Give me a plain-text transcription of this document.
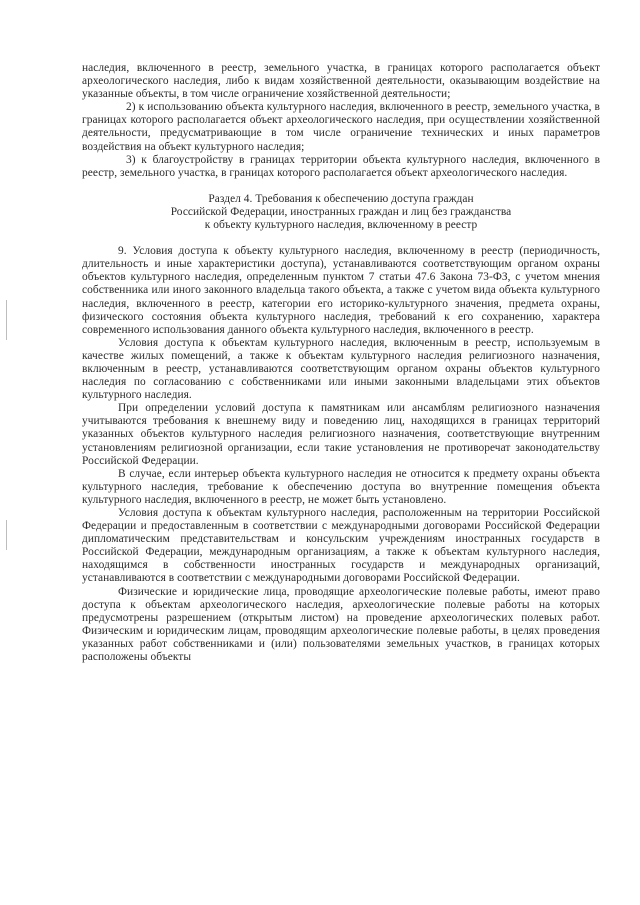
наследия, включенного в реестр, земельного участка, в границах которого располагается объект археологического наследия, либо к видам хозяйственной деятельности, оказывающим воздействие на указанные объекты, в том числе ограничение хозяйственной деятельности;

2) к использованию объекта культурного наследия, включенного в реестр, земельного участка, в границах которого располагается объект археологического наследия, при осуществлении хозяйственной деятельности, предусматривающие в том числе ограничение технических и иных параметров воздействия на объект культурного наследия;

3) к благоустройству в границах территории объекта культурного наследия, включенного в реестр, земельного участка, в границах которого располагается объект археологического наследия.

Раздел 4. Требования к обеспечению доступа граждан
Российской Федерации, иностранных граждан и лиц без гражданства
к объекту культурного наследия, включенному в реестр

9. Условия доступа к объекту культурного наследия, включенному в реестр (периодичность, длительность и иные характеристики доступа), устанавливаются соответствующим органом охраны объектов культурного наследия, определенным пунктом 7 статьи 47.6 Закона 73-ФЗ, с учетом мнения собственника или иного законного владельца такого объекта, а также с учетом вида объекта культурного наследия, включенного в реестр, категории его историко-культурного значения, предмета охраны, физического состояния объекта культурного наследия, требований к его сохранению, характера современного использования данного объекта культурного наследия, включенного в реестр.

Условия доступа к объектам культурного наследия, включенным в реестр, используемым в качестве жилых помещений, а также к объектам культурного наследия религиозного назначения, включенным в реестр, устанавливаются соответствующим органом охраны объектов культурного наследия по согласованию с собственниками или иными законными владельцами этих объектов культурного наследия.

При определении условий доступа к памятникам или ансамблям религиозного назначения учитываются требования к внешнему виду и поведению лиц, находящихся в границах территорий указанных объектов культурного наследия религиозного назначения, соответствующие внутренним установлениям религиозной организации, если такие установления не противоречат законодательству Российской Федерации.

В случае, если интерьер объекта культурного наследия не относится к предмету охраны объекта культурного наследия, требование к обеспечению доступа во внутренние помещения объекта культурного наследия, включенного в реестр, не может быть установлено.

Условия доступа к объектам культурного наследия, расположенным на территории Российской Федерации и предоставленным в соответствии с международными договорами Российской Федерации дипломатическим представительствам и консульским учреждениям иностранных государств в Российской Федерации, международным организациям, а также к объектам культурного наследия, находящимся в собственности иностранных государств и международных организаций, устанавливаются в соответствии с международными договорами Российской Федерации.

Физические и юридические лица, проводящие археологические полевые работы, имеют право доступа к объектам археологического наследия, археологические полевые работы на которых предусмотрены разрешением (открытым листом) на проведение археологических полевых работ. Физическим и юридическим лицам, проводящим археологические полевые работы, в целях проведения указанных работ собственниками и (или) пользователями земельных участков, в границах которых расположены объекты
